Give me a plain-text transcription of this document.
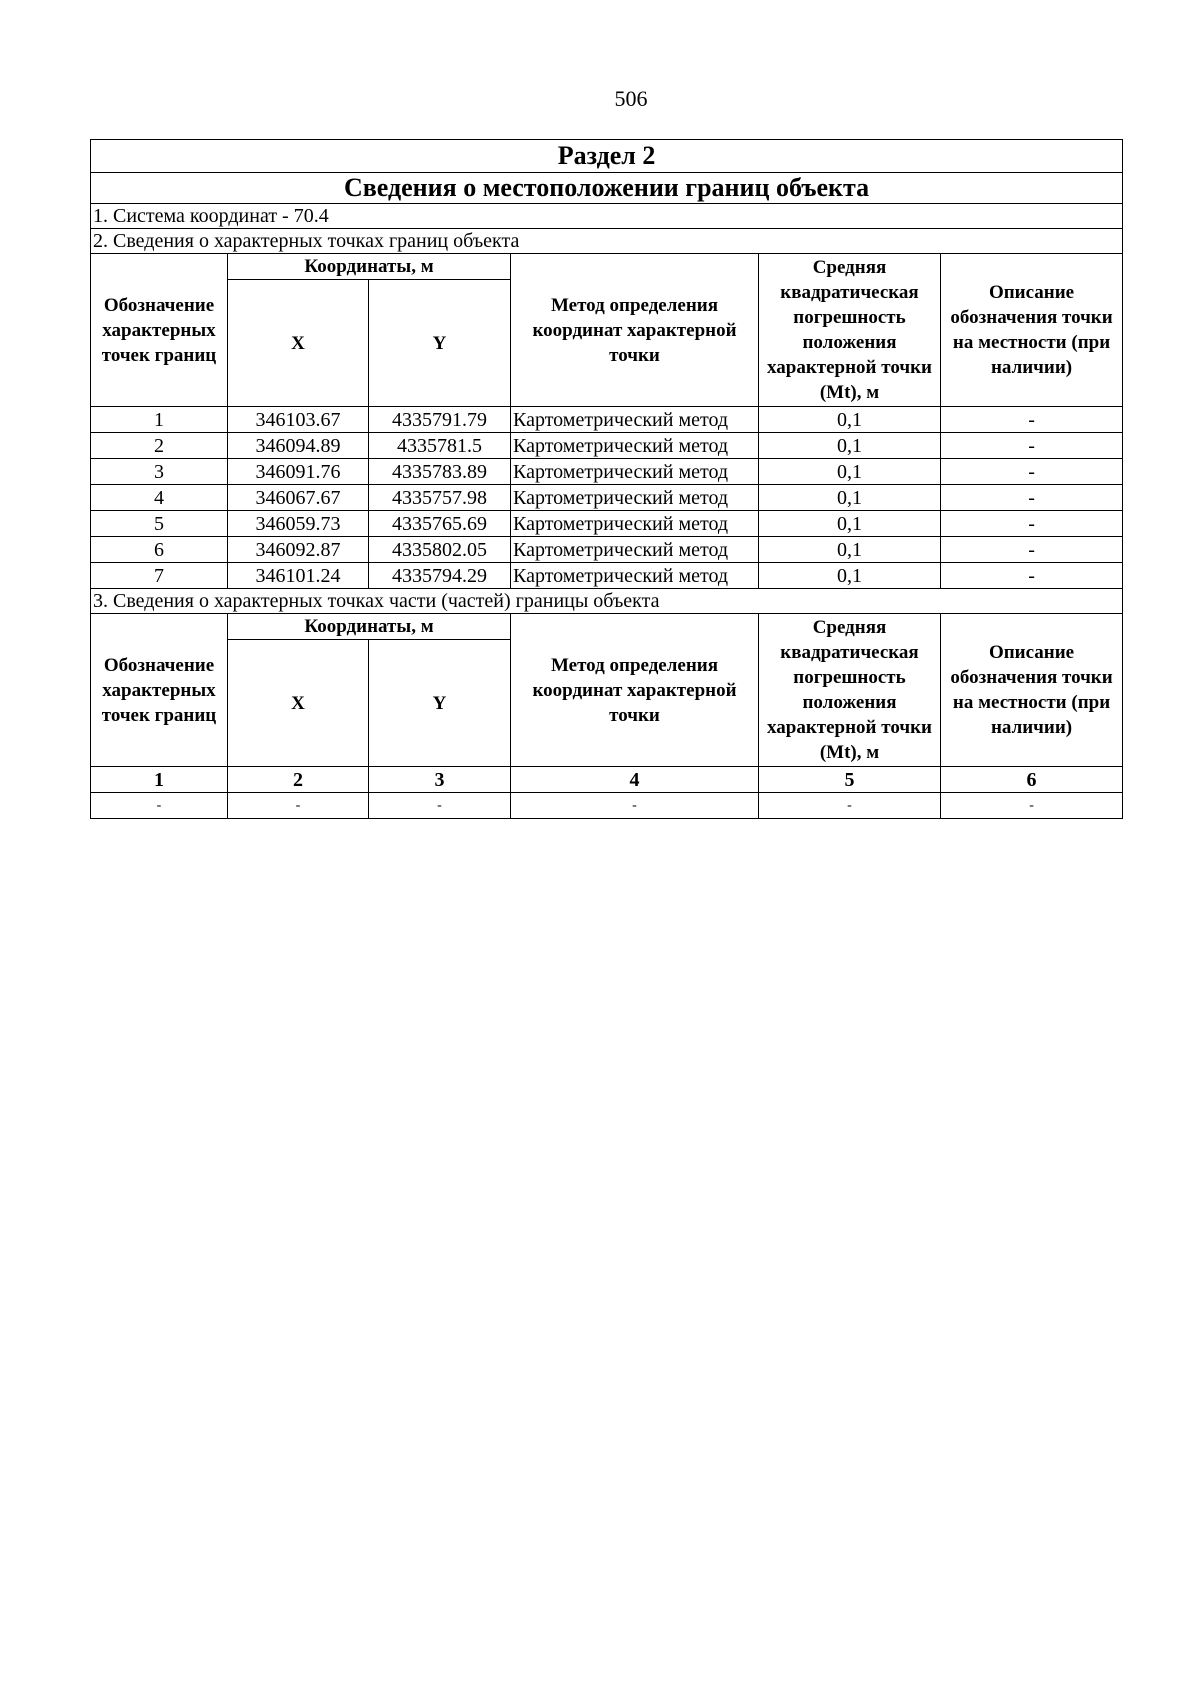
506
Раздел 2					
Сведения о местоположении границ объекта					
1. Система координат - 70.4					
2. Сведения о характерных точках границ объекта					
Обозначение характерных точек границ	Координаты, м		Метод определения координат характерной точки	Средняя квадратическая погрешность положения характерной точки (Mt), м	Описание обозначения точки на местности (при наличии)
	X	Y			
1	346103.67	4335791.79	Картометрический метод	0,1	-
2	346094.89	4335781.5	Картометрический метод	0,1	-
3	346091.76	4335783.89	Картометрический метод	0,1	-
4	346067.67	4335757.98	Картометрический метод	0,1	-
5	346059.73	4335765.69	Картометрический метод	0,1	-
6	346092.87	4335802.05	Картометрический метод	0,1	-
7	346101.24	4335794.29	Картометрический метод	0,1	-
3. Сведения о характерных точках части (частей) границы объекта					
Обозначение характерных точек границ	Координаты, м		Метод определения координат характерной точки	Средняя квадратическая погрешность положения характерной точки (Mt), м	Описание обозначения точки на местности (при наличии)
	X	Y			
1	2	3	4	5	6
-	-	-	-	-	-
